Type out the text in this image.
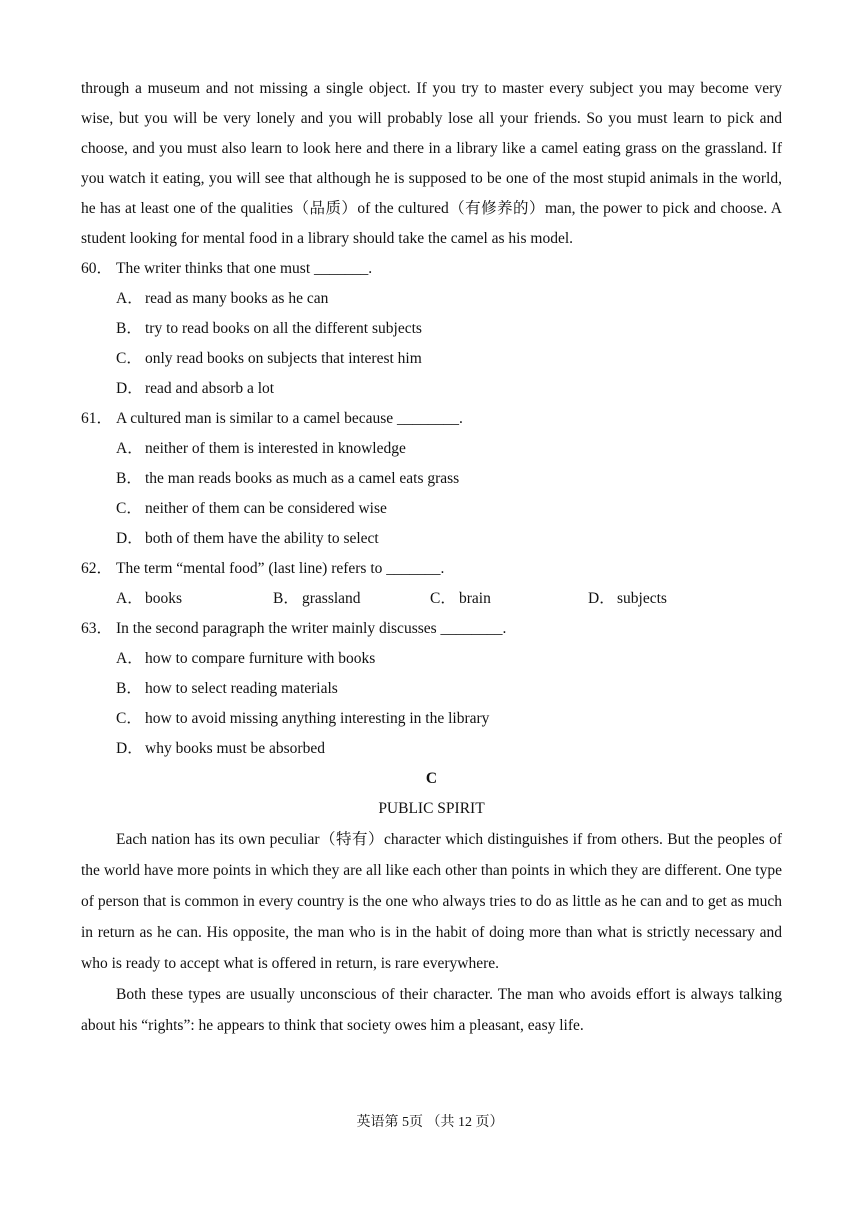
through a museum and not missing a single object. If you try to master every subject you may become very wise, but you will be very lonely and you will probably lose all your friends. So you must learn to pick and choose, and you must also learn to look here and there in a library like a camel eating grass on the grassland. If you watch it eating, you will see that although he is supposed to be one of the most stupid animals in the world, he has at least one of the qualities（品质）of the cultured（有修养的）man, the power to pick and choose. A student looking for mental food in a library should take the camel as his model.

60． The writer thinks that one must _______.

A． read as many books as he can

B． try to read books on all the different subjects

C． only read books on subjects that interest him

D． read and absorb a lot

61． A cultured man is similar to a camel because ________.

A． neither of them is interested in knowledge

B． the man reads books as much as a camel eats grass

C． neither of them can be considered wise

D． both of them have the ability to select

62． The term “mental food” (last line) refers to _______.

A． books	B． grassland	C． brain	D． subjects

63． In the second paragraph the writer mainly discusses ________.

A． how to compare furniture with books

B． how to select reading materials

C． how to avoid missing anything interesting in the library

D． why books must be absorbed

C

PUBLIC SPIRIT

Each nation has its own peculiar（特有）character which distinguishes if from others. But the peoples of the world have more points in which they are all like each other than points in which they are different. One type of person that is common in every country is the one who always tries to do as little as he can and to get as much in return as he can. His opposite, the man who is in the habit of doing more than what is strictly necessary and who is ready to accept what is offered in return, is rare everywhere.

Both these types are usually unconscious of their character. The man who avoids effort is always talking about his “rights”: he appears to think that society owes him a pleasant, easy life.

英语第 5页 （共 12 页）
